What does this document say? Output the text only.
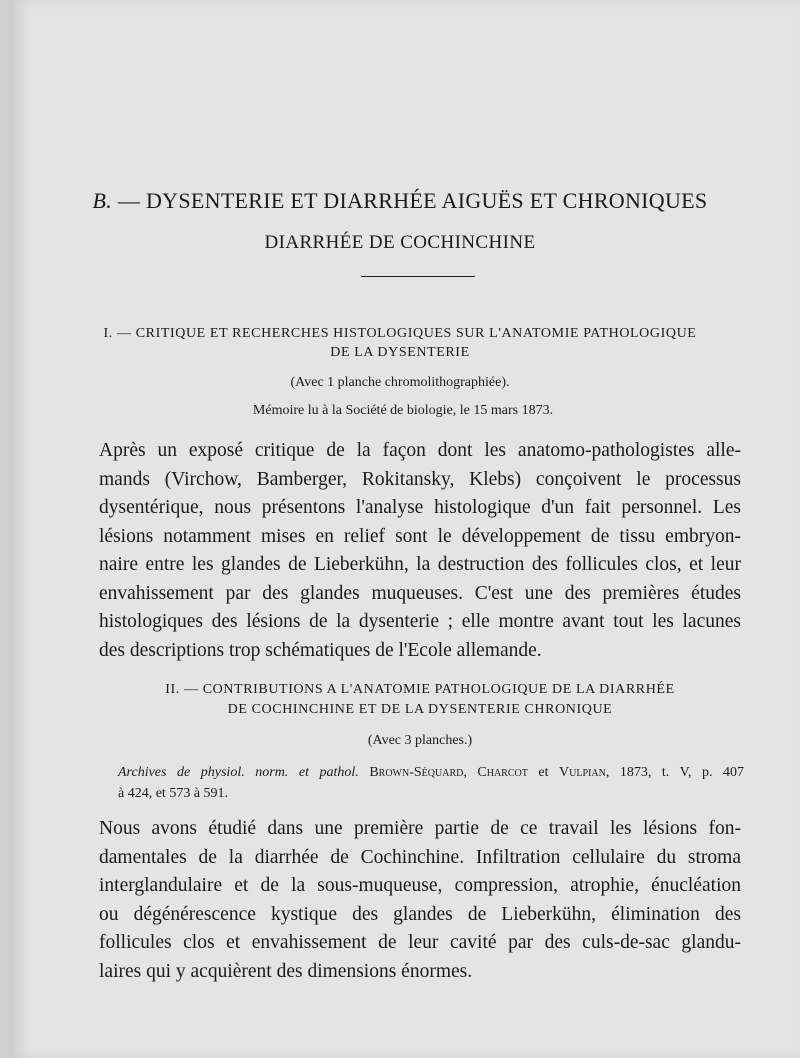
B. — DYSENTERIE ET DIARRHÉE AIGUËS ET CHRONIQUES
DIARRHÉE DE COCHINCHINE
I. — CRITIQUE ET RECHERCHES HISTOLOGIQUES SUR L'ANATOMIE PATHOLOGIQUE
DE LA DYSENTERIE
(Avec 1 planche chromolithographiée).
Mémoire lu à la Société de biologie, le 15 mars 1873.
Après un exposé critique de la façon dont les anatomo-pathologistes alle-
mands (Virchow, Bamberger, Rokitansky, Klebs) conçoivent le processus
dysentérique, nous présentons l'analyse histologique d'un fait personnel. Les
lésions notamment mises en relief sont le développement de tissu embryon-
naire entre les glandes de Lieberkühn, la destruction des follicules clos, et leur
envahissement par des glandes muqueuses. C'est une des premières études
histologiques des lésions de la dysenterie ; elle montre avant tout les lacunes
des descriptions trop schématiques de l'Ecole allemande.
II. — CONTRIBUTIONS A L'ANATOMIE PATHOLOGIQUE DE LA DIARRHÉE
DE COCHINCHINE ET DE LA DYSENTERIE CHRONIQUE
(Avec 3 planches.)
Archives de physiol. norm. et pathol. Brown-Séquard, Charcot et Vulpian, 1873, t. V, p. 407
à 424, et 573 à 591.
Nous avons étudié dans une première partie de ce travail les lésions fon-
damentales de la diarrhée de Cochinchine. Infiltration cellulaire du stroma
interglandulaire et de la sous-muqueuse, compression, atrophie, énucléation
ou dégénérescence kystique des glandes de Lieberkühn, élimination des
follicules clos et envahissement de leur cavité par des culs-de-sac glandu-
laires qui y acquièrent des dimensions énormes.
